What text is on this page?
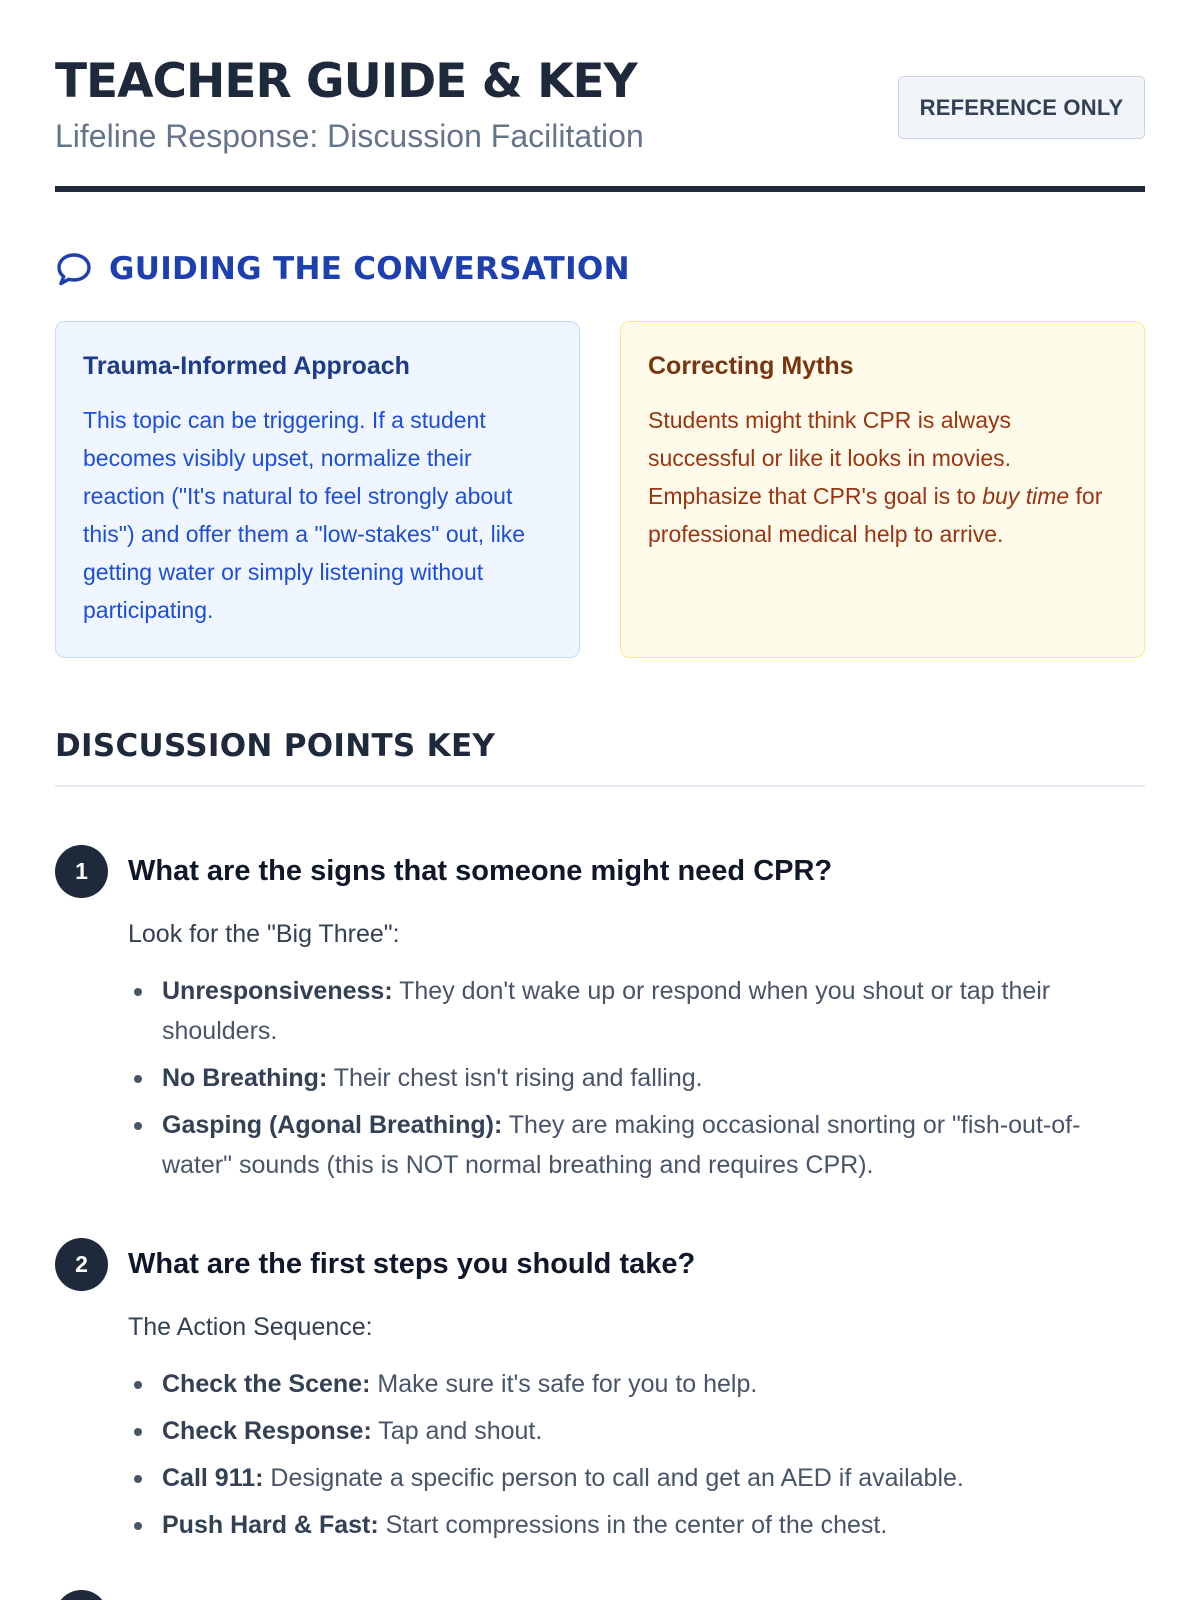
TEACHER GUIDE & KEY
Lifeline Response: Discussion Facilitation
REFERENCE ONLY
GUIDING THE CONVERSATION
Trauma-Informed Approach
This topic can be triggering. If a student becomes visibly upset, normalize their reaction ("It's natural to feel strongly about this") and offer them a "low-stakes" out, like getting water or simply listening without participating.
Correcting Myths
Students might think CPR is always successful or like it looks in movies. Emphasize that CPR's goal is to buy time for professional medical help to arrive.
DISCUSSION POINTS KEY
1	What are the signs that someone might need CPR?
Look for the "Big Three":
Unresponsiveness: They don't wake up or respond when you shout or tap their shoulders.
No Breathing: Their chest isn't rising and falling.
Gasping (Agonal Breathing): They are making occasional snorting or "fish-out-of-water" sounds (this is NOT normal breathing and requires CPR).
2	What are the first steps you should take?
The Action Sequence:
Check the Scene: Make sure it's safe for you to help.
Check Response: Tap and shout.
Call 911: Designate a specific person to call and get an AED if available.
Push Hard & Fast: Start compressions in the center of the chest.
